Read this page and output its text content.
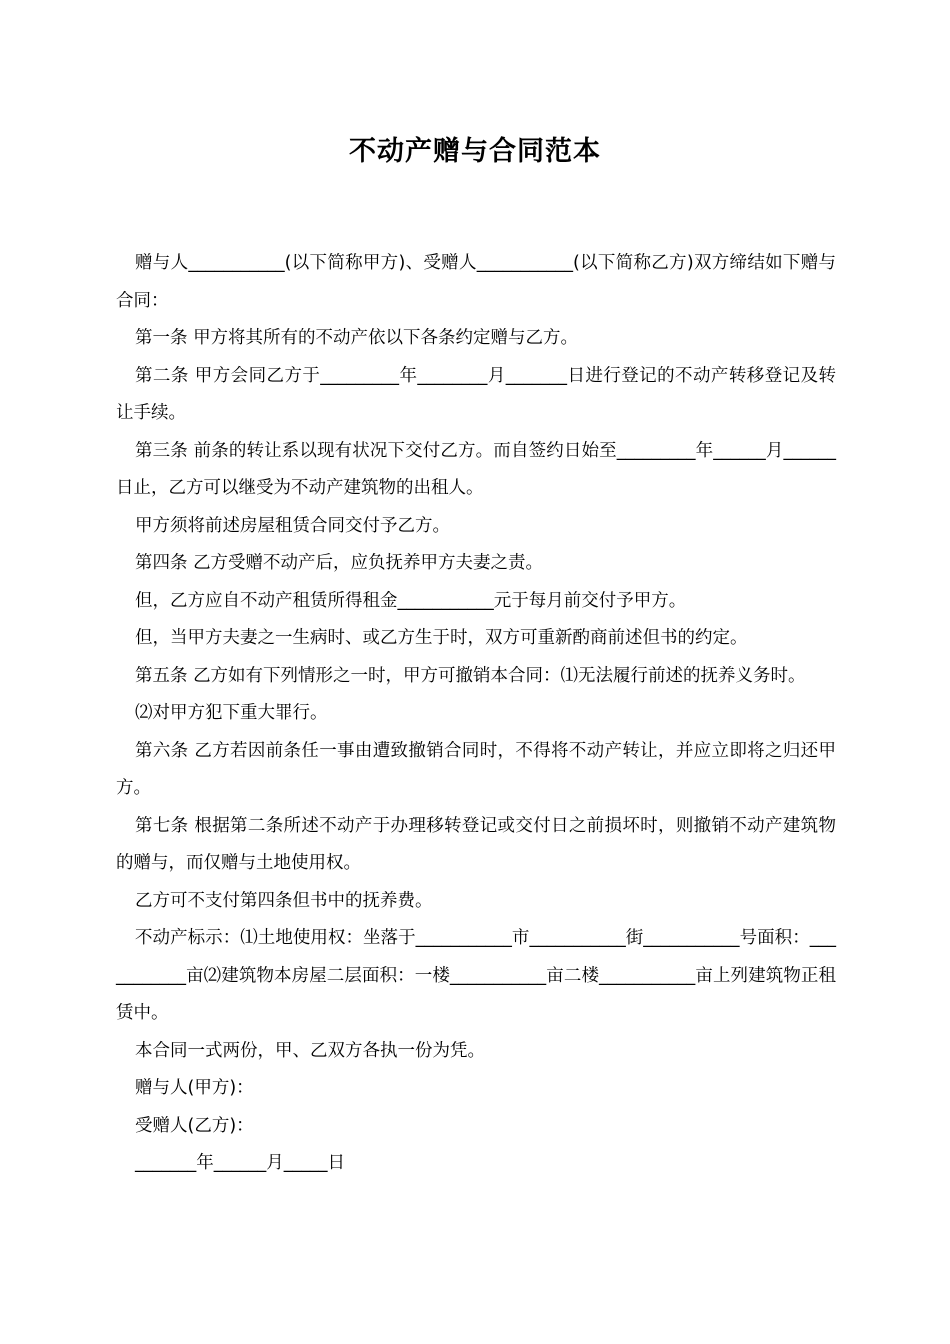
不动产赠与合同范本

赠与人___________(以下简称甲方)、受赠人___________(以下简称乙方)双方缔结如下赠与合同：

第一条 甲方将其所有的不动产依以下各条约定赠与乙方。

第二条 甲方会同乙方于_________年________月_______日进行登记的不动产转移登记及转让手续。

第三条 前条的转让系以现有状况下交付乙方。而自签约日始至_________年______月______日止，乙方可以继受为不动产建筑物的出租人。

甲方须将前述房屋租赁合同交付予乙方。

第四条 乙方受赠不动产后，应负抚养甲方夫妻之责。

但，乙方应自不动产租赁所得租金___________元于每月前交付予甲方。

但，当甲方夫妻之一生病时、或乙方生于时，双方可重新酌商前述但书的约定。

第五条 乙方如有下列情形之一时，甲方可撤销本合同：⑴无法履行前述的抚养义务时。

⑵对甲方犯下重大罪行。

第六条 乙方若因前条任一事由遭致撤销合同时，不得将不动产转让，并应立即将之归还甲方。

第七条 根据第二条所述不动产于办理移转登记或交付日之前损坏时，则撤销不动产建筑物的赠与，而仅赠与土地使用权。

乙方可不支付第四条但书中的抚养费。

不动产标示：⑴土地使用权：坐落于___________市___________街___________号面积：___________亩⑵建筑物本房屋二层面积：一楼___________亩二楼___________亩上列建筑物正租赁中。

本合同一式两份，甲、乙双方各执一份为凭。

赠与人(甲方)：

受赠人(乙方)：

_______年______月_____日
